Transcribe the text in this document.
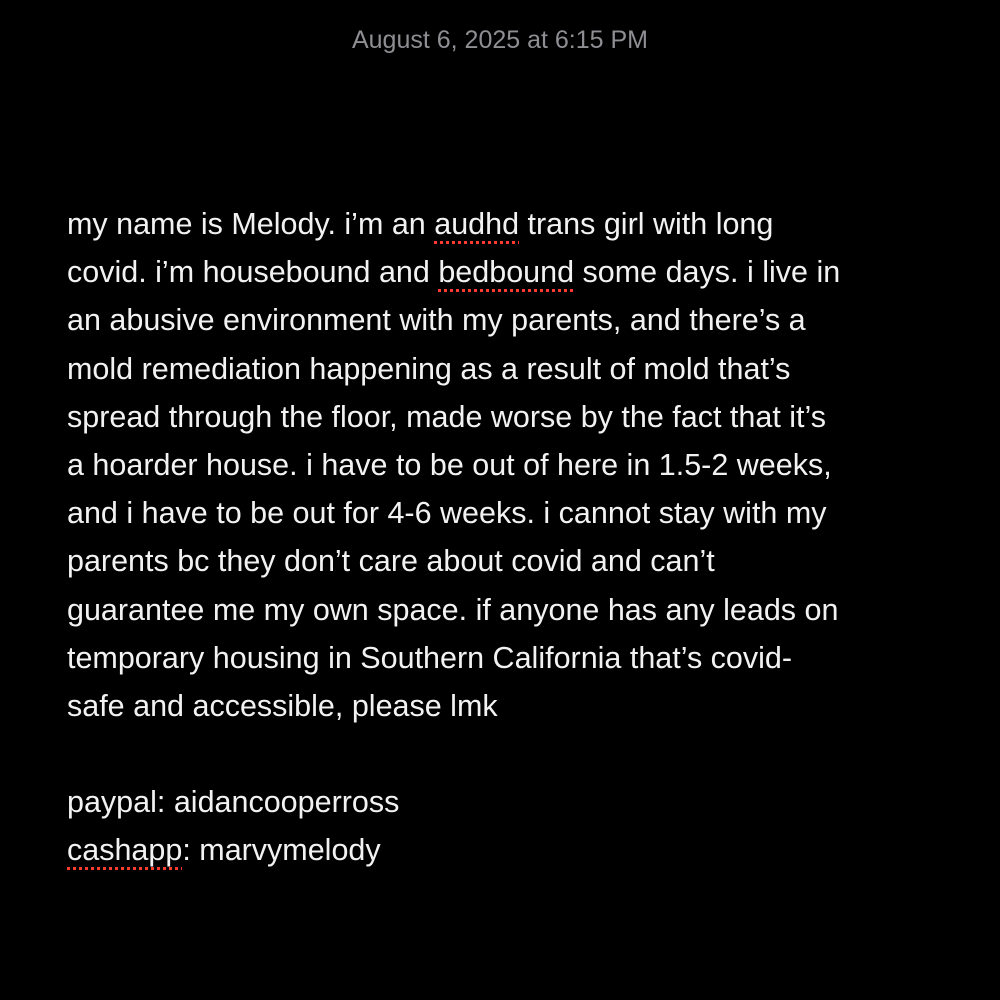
August 6, 2025 at 6:15 PM
my name is Melody. i’m an audhd trans girl with long
covid. i’m housebound and bedbound some days. i live in
an abusive environment with my parents, and there’s a
mold remediation happening as a result of mold that’s
spread through the floor, made worse by the fact that it’s
a hoarder house. i have to be out of here in 1.5-2 weeks,
and i have to be out for 4-6 weeks. i cannot stay with my
parents bc they don’t care about covid and can’t
guarantee me my own space. if anyone has any leads on
temporary housing in Southern California that’s covid-
safe and accessible, please lmk
paypal: aidancooperross
cashapp: marvymelody
